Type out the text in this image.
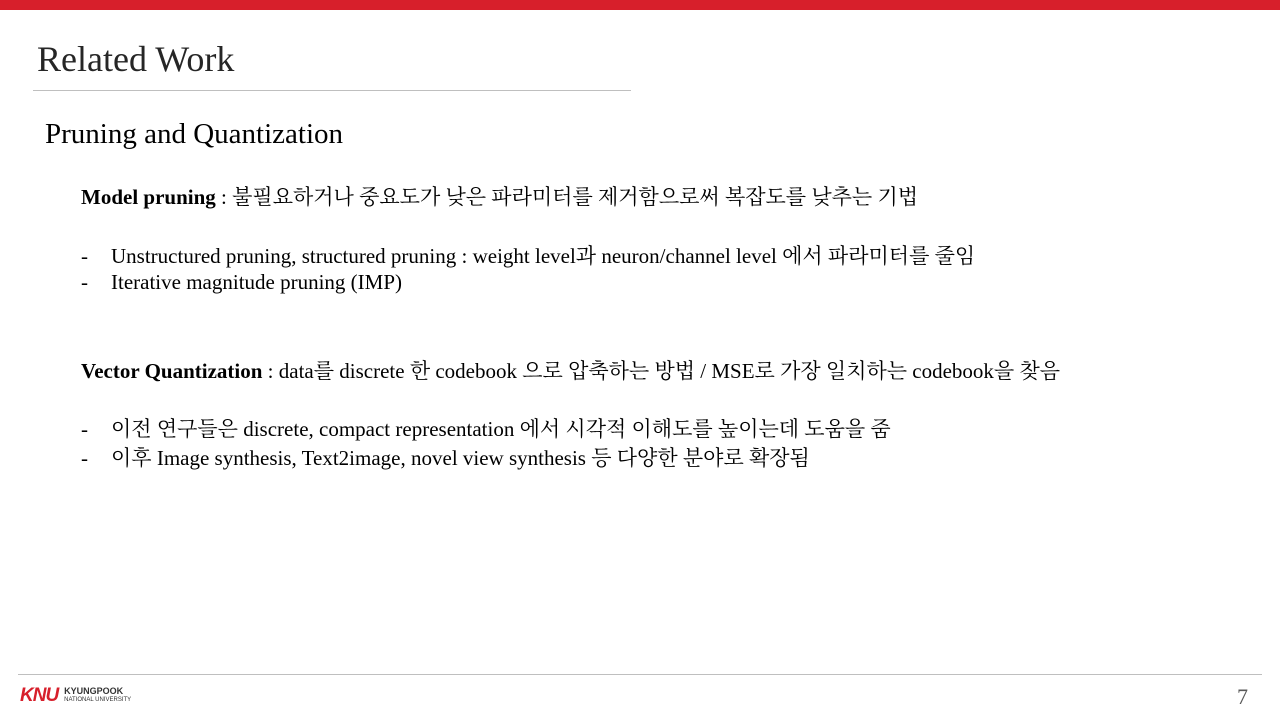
Related Work
Pruning and Quantization
Model pruning : 불필요하거나 중요도가 낮은 파라미터를 제거함으로써 복잡도를 낮추는 기법
- Unstructured pruning, structured pruning : weight level과 neuron/channel level 에서 파라미터를 줄임
- Iterative magnitude pruning (IMP)
Vector Quantization : data를 discrete 한 codebook 으로 압축하는 방법 / MSE로 가장 일치하는 codebook을 찾음
- 이전 연구들은 discrete, compact representation 에서 시각적 이해도를 높이는데 도움을 줌
- 이후 Image synthesis, Text2image, novel view synthesis 등 다양한 분야로 확장됨
KNU KYUNGPOOK
NATIONAL UNIVERSITY	7
